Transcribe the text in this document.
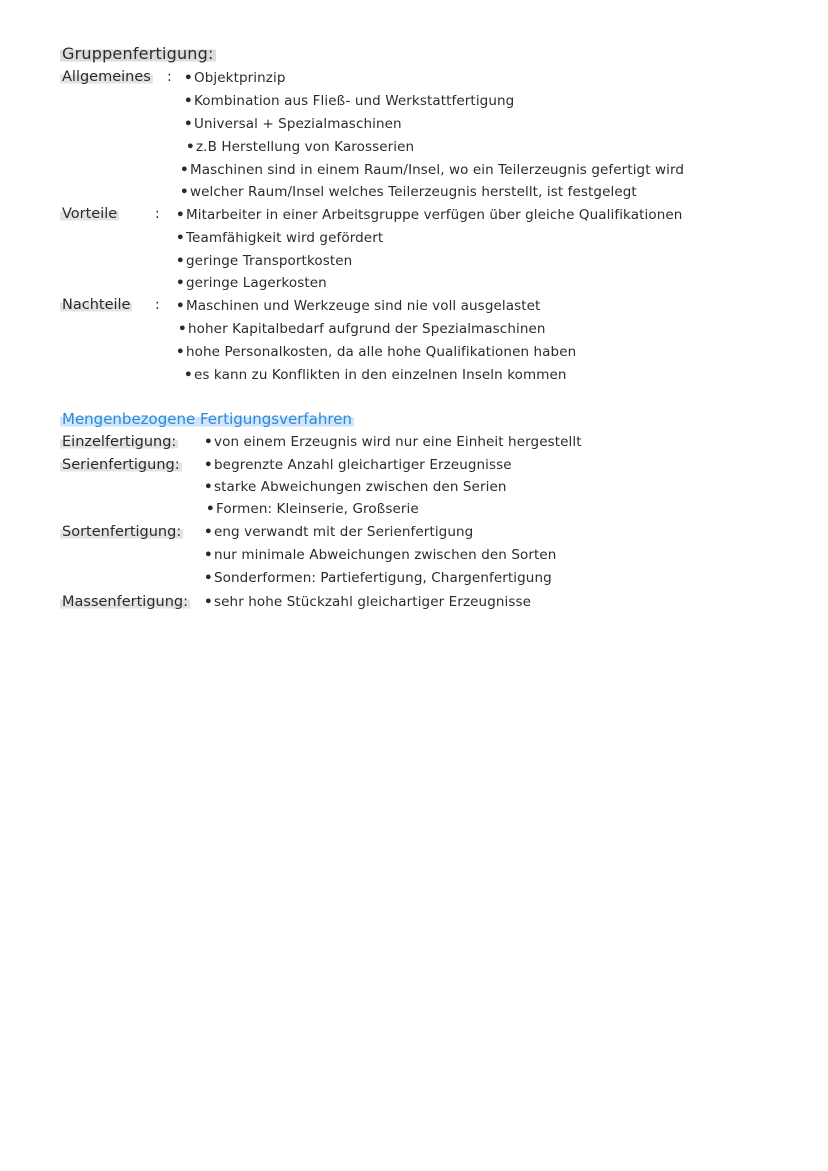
Gruppenfertigung:
Allgemeines : •Objektprinzip
•Kombination aus Fließ- und Werkstattfertigung
•Universal + Spezialmaschinen
•z.B Herstellung von Karosserien
•Maschinen sind in einem Raum/Insel, wo ein Teilerzeugnis gefertigt wird
•welcher Raum/Insel welches Teilerzeugnis herstellt, ist festgelegt
Vorteile	: •Mitarbeiter in einer Arbeitsgruppe verfügen über gleiche Qualifikationen
•Teamfähigkeit wird gefördert
•geringe Transportkosten
•geringe Lagerkosten
Nachteile : •Maschinen und Werkzeuge sind nie voll ausgelastet
•hoher Kapitalbedarf aufgrund der Spezialmaschinen
•hohe Personalkosten, da alle hohe Qualifikationen haben
•es kann zu Konflikten in den einzelnen Inseln kommen
Mengenbezogene Fertigungsverfahren
Einzelfertigung: •von einem Erzeugnis wird nur eine Einheit hergestellt
Serienfertigung: •begrenzte Anzahl gleichartiger Erzeugnisse
•starke Abweichungen zwischen den Serien
•Formen: Kleinserie, Großserie
Sortenfertigung: •eng verwandt mit der Serienfertigung
•nur minimale Abweichungen zwischen den Sorten
•Sonderformen: Partiefertigung, Chargenfertigung
Massenfertigung: •sehr hohe Stückzahl gleichartiger Erzeugnisse
